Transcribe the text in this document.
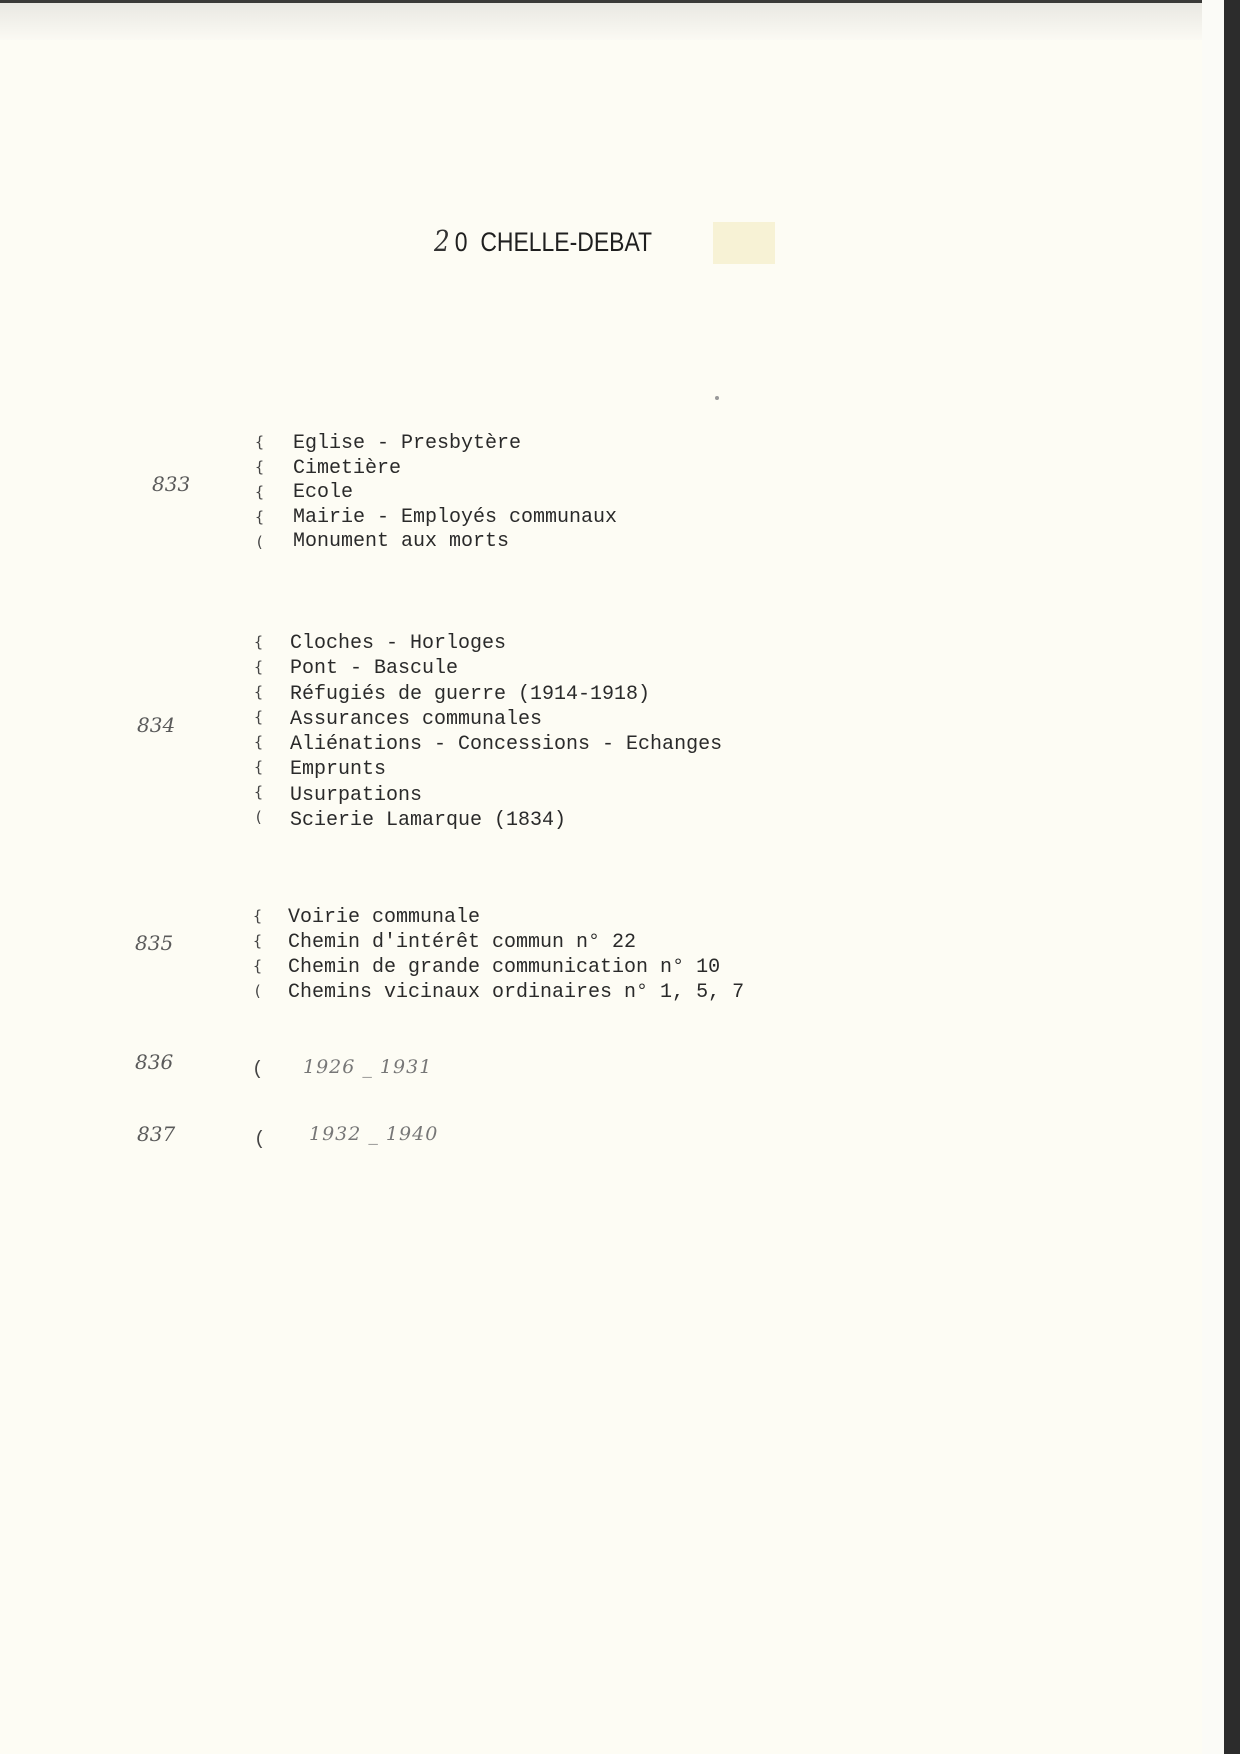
2 0 CHELLE-DEBAT
833
{
{
{
{
(
Eglise - Presbytère
Cimetière
Ecole
Mairie - Employés communaux
Monument aux morts
834
{
{
{
{
{
{
{
(
Cloches - Horloges
Pont - Bascule
Réfugiés de guerre (1914-1918)
Assurances communales
Aliénations - Concessions - Echanges
Emprunts
Usurpations
Scierie Lamarque (1834)
835
{
{
{
(
Voirie communale
Chemin d'intérêt commun n° 22
Chemin de grande communication n° 10
Chemins vicinaux ordinaires n° 1, 5, 7
836	( 1926 _ 1931
837	( 1932 _ 1940
